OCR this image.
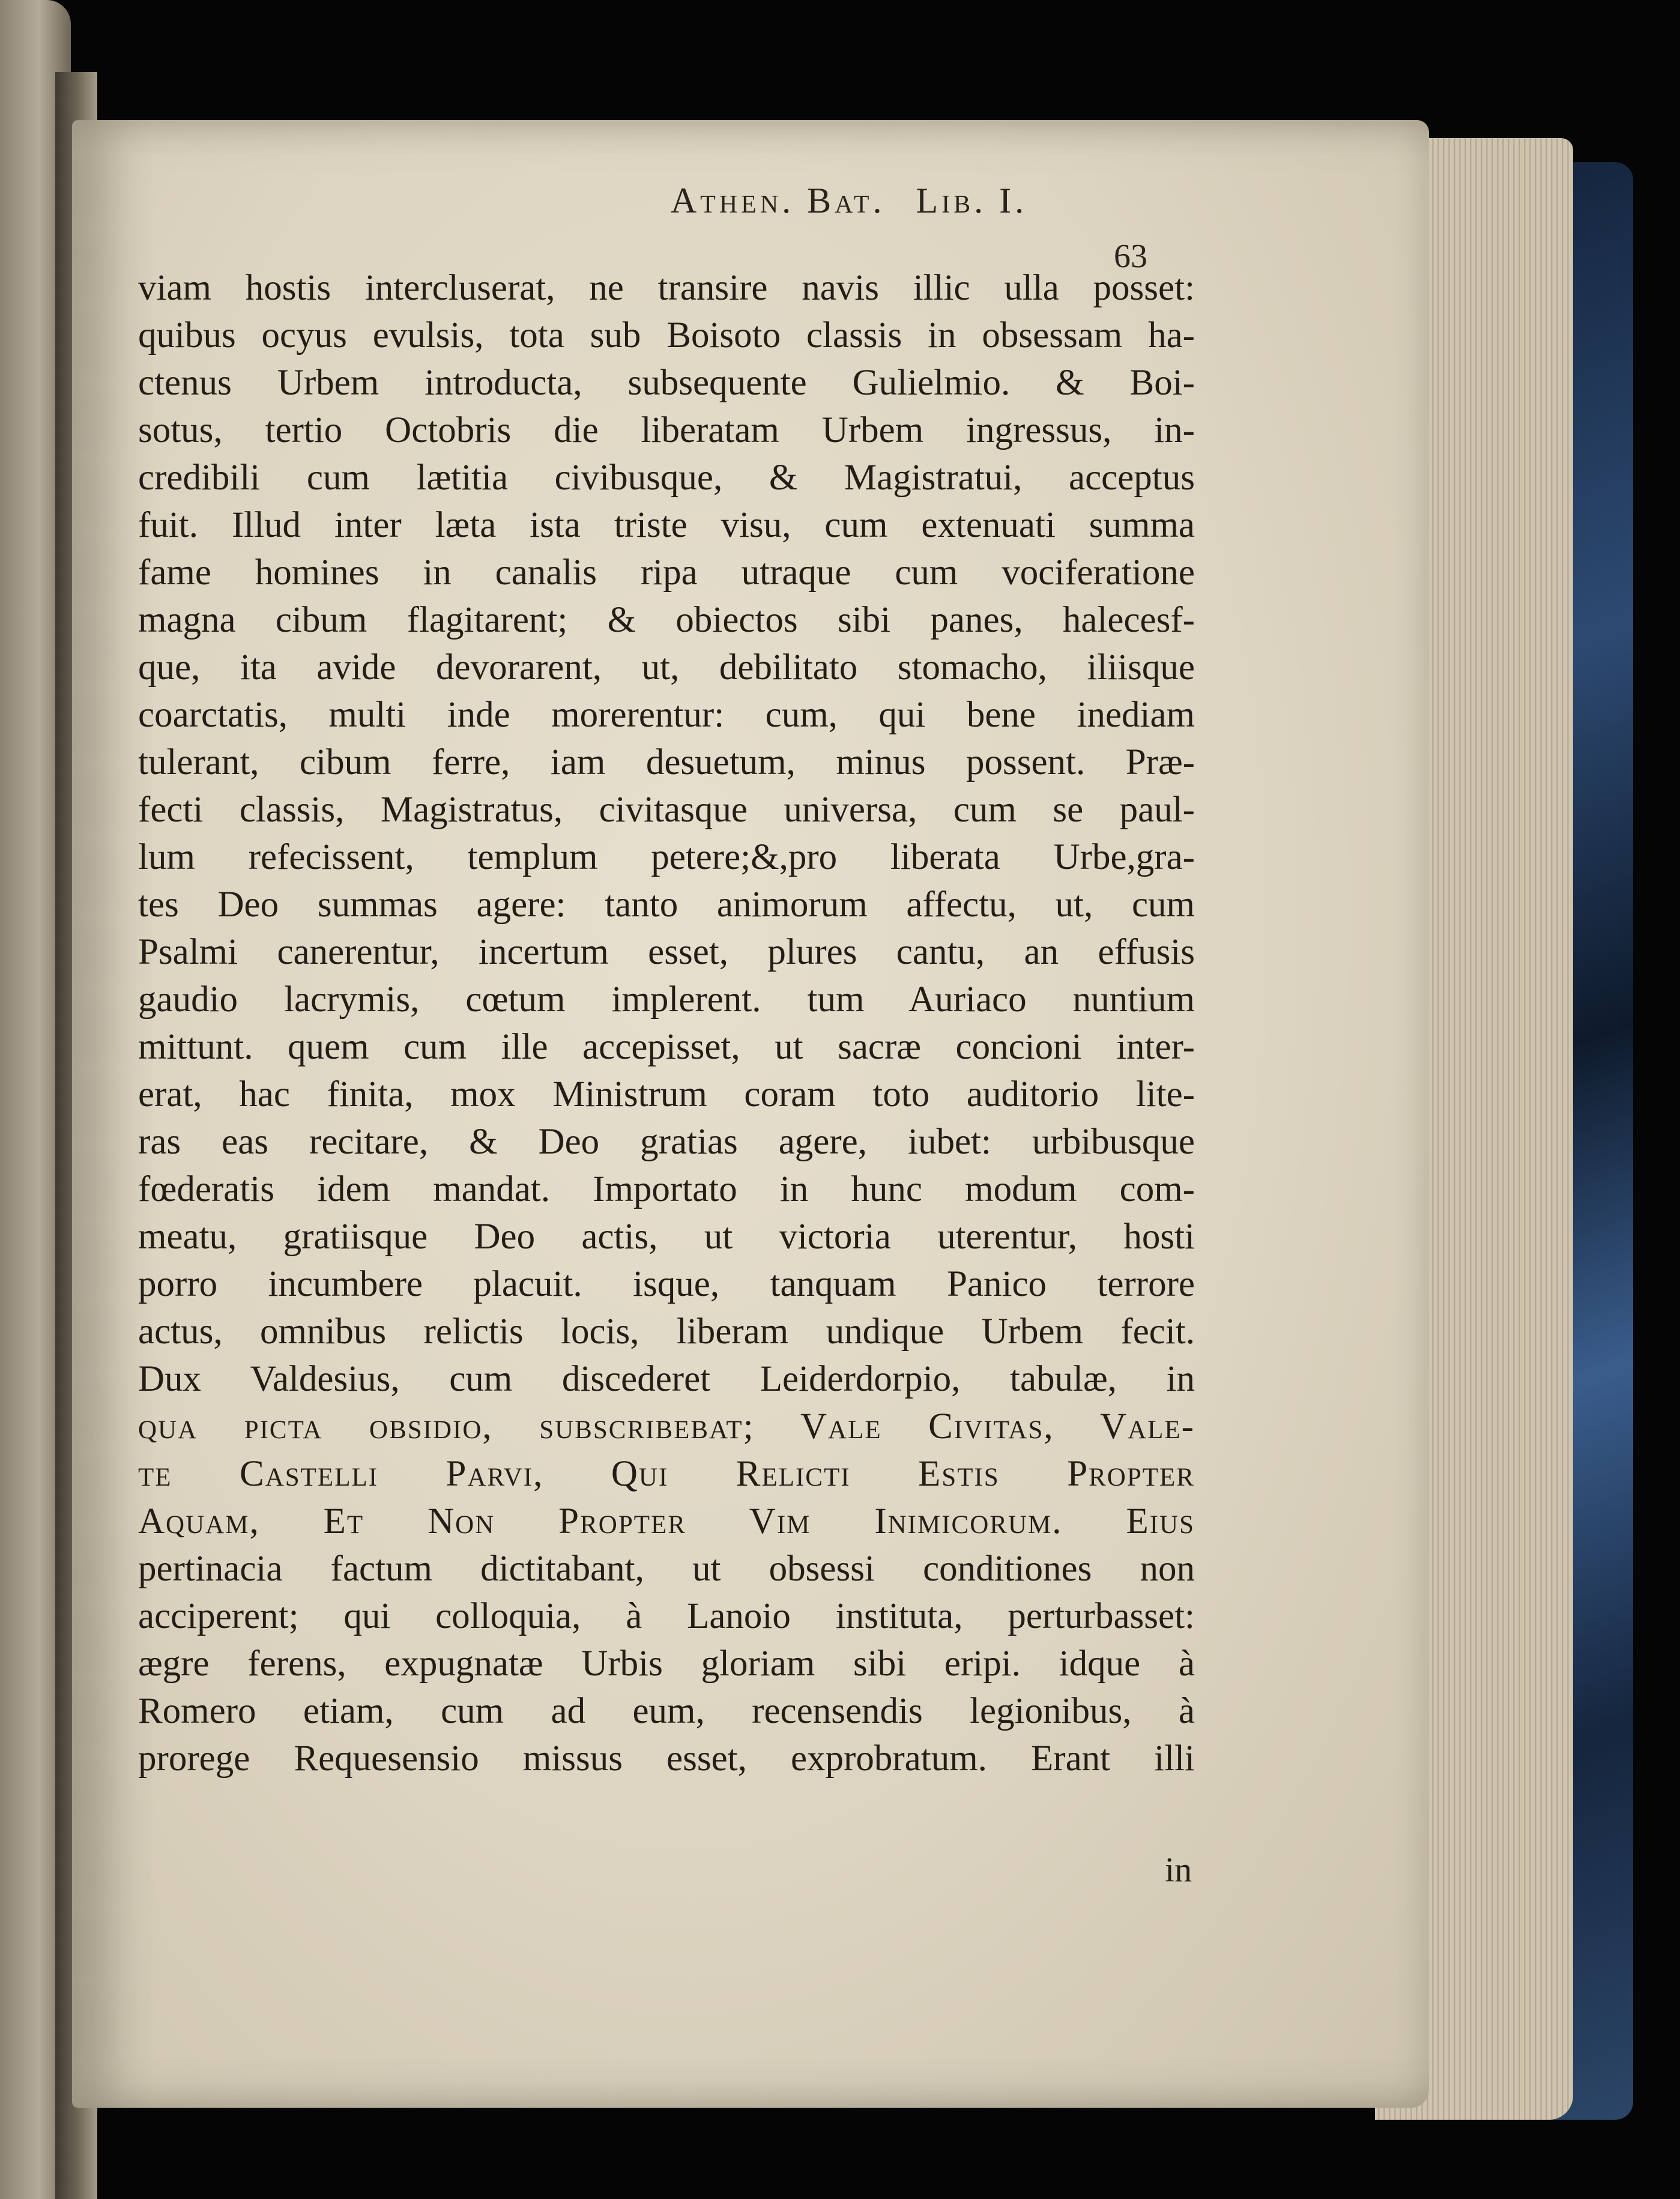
Athen. Bat. Lib. I.
63
viam hostis intercluserat, ne transire navis illic ulla posset:
quibus ocyus evulsis, tota sub Boisoto classis in obsessam ha-
ctenus Urbem introducta, subsequente Gulielmio. & Boi-
sotus, tertio Octobris die liberatam Urbem ingressus, in-
credibili cum lætitia civibusque, & Magistratui, acceptus
fuit. Illud inter læta ista triste visu, cum extenuati summa
fame homines in canalis ripa utraque cum vociferatione
magna cibum flagitarent; & obiectos sibi panes, halecesf-
que, ita avide devorarent, ut, debilitato stomacho, iliisque
coarctatis, multi inde morerentur: cum, qui bene inediam
tulerant, cibum ferre, iam desuetum, minus possent. Præ-
fecti classis, Magistratus, civitasque universa, cum se paul-
lum refecissent, templum petere;&,pro liberata Urbe,gra-
tes Deo summas agere: tanto animorum affectu, ut, cum
Psalmi canerentur, incertum esset, plures cantu, an effusis
gaudio lacrymis, cœtum implerent. tum Auriaco nuntium
mittunt. quem cum ille accepisset, ut sacræ concioni inter-
erat, hac finita, mox Ministrum coram toto auditorio lite-
ras eas recitare, & Deo gratias agere, iubet: urbibusque
fœderatis idem mandat. Importato in hunc modum com-
meatu, gratiisque Deo actis, ut victoria uterentur, hosti
porro incumbere placuit. isque, tanquam Panico terrore
actus, omnibus relictis locis, liberam undique Urbem fecit.
Dux Valdesius, cum discederet Leiderdorpio, tabulæ, in
qua picta obsidio, subscribebat; Vale Civitas, Vale-
te Castelli Parvi, Qui Relicti Estis Propter
Aquam, Et Non Propter Vim Inimicorum. Eius
pertinacia factum dictitabant, ut obsessi conditiones non
acciperent; qui colloquia, à Lanoio instituta, perturbasset:
ægre ferens, expugnatæ Urbis gloriam sibi eripi. idque à
Romero etiam, cum ad eum, recensendis legionibus, à
prorege Requesensio missus esset, exprobratum. Erant illi
in
